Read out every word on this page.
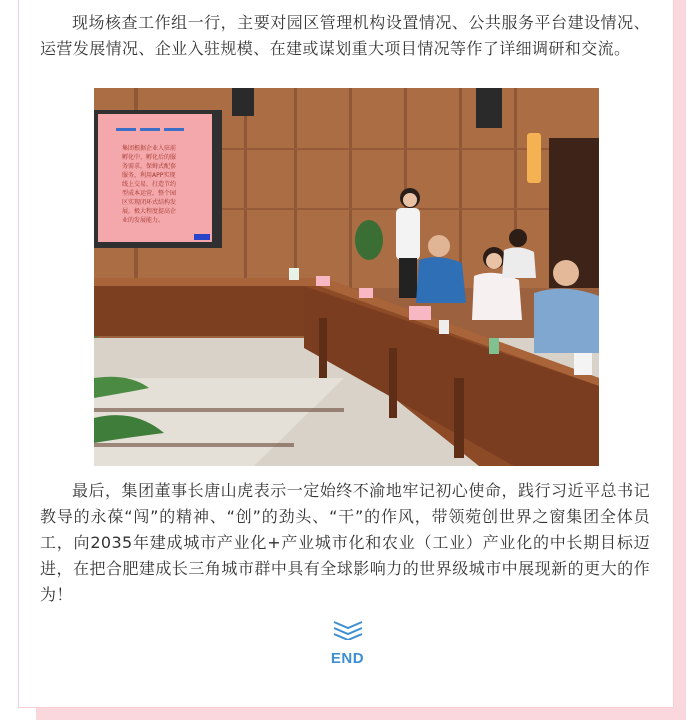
现场核查工作组一行，主要对园区管理机构设置情况、公共服务平台建设情况、运营发展情况、企业入驻规模、在建或谋划重大项目情况等作了详细调研和交流。

集团根据企业入驻前
孵化中、孵化后的服
务需求，保姆式配套
服务，利用APP实现
线上交易，打造节约
型成本运营，整个园
区实现闭环式结构发
展，极大程度提高企
业的发展能力。

最后，集团董事长唐山虎表示一定始终不渝地牢记初心使命，践行习近平总书记教导的永葆“闯”的精神、“创”的劲头、“干”的作风，带领菀创世界之窗集团全体员工，向2035年建成城市产业化+产业城市化和农业（工业）产业化的中长期目标迈进，在把合肥建成长三角城市群中具有全球影响力的世界级城市中展现新的更大的作为！

END
